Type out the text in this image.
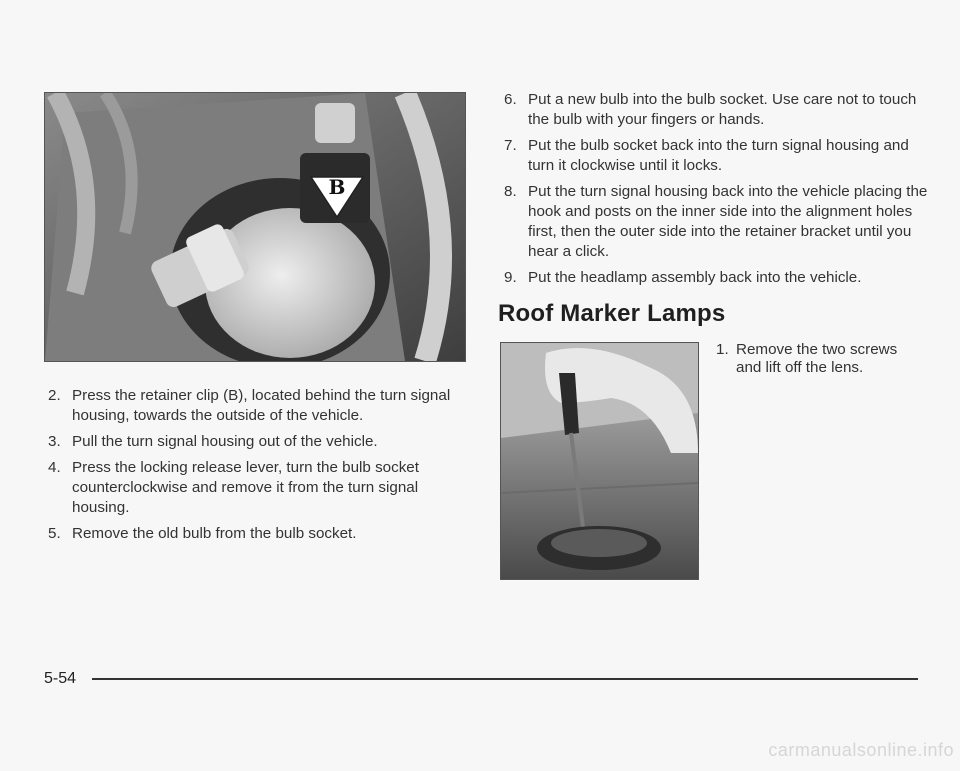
B
2. Press the retainer clip (B), located behind the turn signal housing, towards the outside of the vehicle.
3. Pull the turn signal housing out of the vehicle.
4. Press the locking release lever, turn the bulb socket counterclockwise and remove it from the turn signal housing.
5. Remove the old bulb from the bulb socket.
6. Put a new bulb into the bulb socket. Use care not to touch the bulb with your fingers or hands.
7. Put the bulb socket back into the turn signal housing and turn it clockwise until it locks.
8. Put the turn signal housing back into the vehicle placing the hook and posts on the inner side into the alignment holes first, then the outer side into the retainer bracket until you hear a click.
9. Put the headlamp assembly back into the vehicle.
Roof Marker Lamps
1. Remove the two screws and lift off the lens.
5-54
carmanualsonline.info
